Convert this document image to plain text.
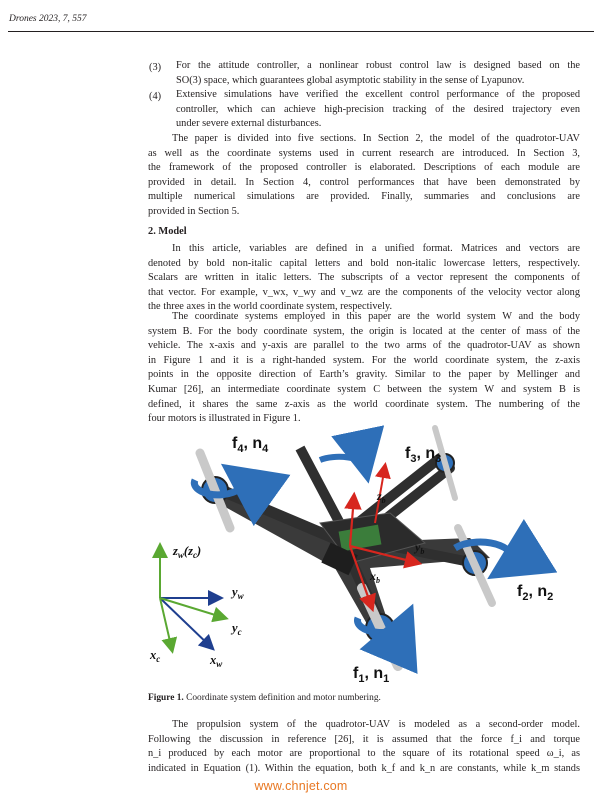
Drones 2023, 7, 557
(3) For the attitude controller, a nonlinear robust control law is designed based on the
SO(3) space, which guarantees global asymptotic stability in the sense of Lyapunov.
(4) Extensive simulations have verified the excellent control performance of the proposed
controller, which can achieve high-precision tracking of the desired trajectory even
under severe external disturbances.
The paper is divided into five sections. In Section 2, the model of the quadrotor-UAV
as well as the coordinate systems used in current research are introduced. In Section 3,
the framework of the proposed controller is elaborated. Descriptions of each module are
provided in detail. In Section 4, control performances that have been demonstrated by
multiple numerical simulations are provided. Finally, summaries and conclusions are
provided in Section 5.
2. Model
In this article, variables are defined in a unified format. Matrices and vectors are
denoted by bold non-italic capital letters and bold non-italic lowercase letters, respectively.
Scalars are written in italic letters. The subscripts of a vector represent the components of
that vector. For example, v_wx, v_wy and v_wz are the components of the velocity vector along
the three axes in the world coordinate system, respectively.
The coordinate systems employed in this paper are the world system W and the body
system B. For the body coordinate system, the origin is located at the center of mass of the
vehicle. The x-axis and y-axis are parallel to the two arms of the quadrotor-UAV as shown
in Figure 1 and it is a right-handed system. For the world coordinate system, the z-axis
points in the opposite direction of Earth’s gravity. Similar to the paper by Mellinger and
Kumar [26], an intermediate coordinate system C between the system W and system B is
defined, it shares the same z-axis as the world coordinate system. The numbering of the
four motors is illustrated in Figure 1.
$f_4$, $n_4$	$f_3$, $n_3$
$f_2$, $n_2$
$f_1$, $n_1$
$z_b$
$y_b$
$x_b$
$z_w(z_c)$
$y_w$
$y_c$
$x_c$	$x_w$
Figure 1. Coordinate system definition and motor numbering.
The propulsion system of the quadrotor-UAV is modeled as a second-order model.
Following the discussion in reference [26], it is assumed that the force f_i and torque
n_i produced by each motor are proportional to the square of its rotational speed ω_i, as
indicated in Equation (1). Within the equation, both k_f and k_n are constants, while k_m stands
www.chnjet.com
